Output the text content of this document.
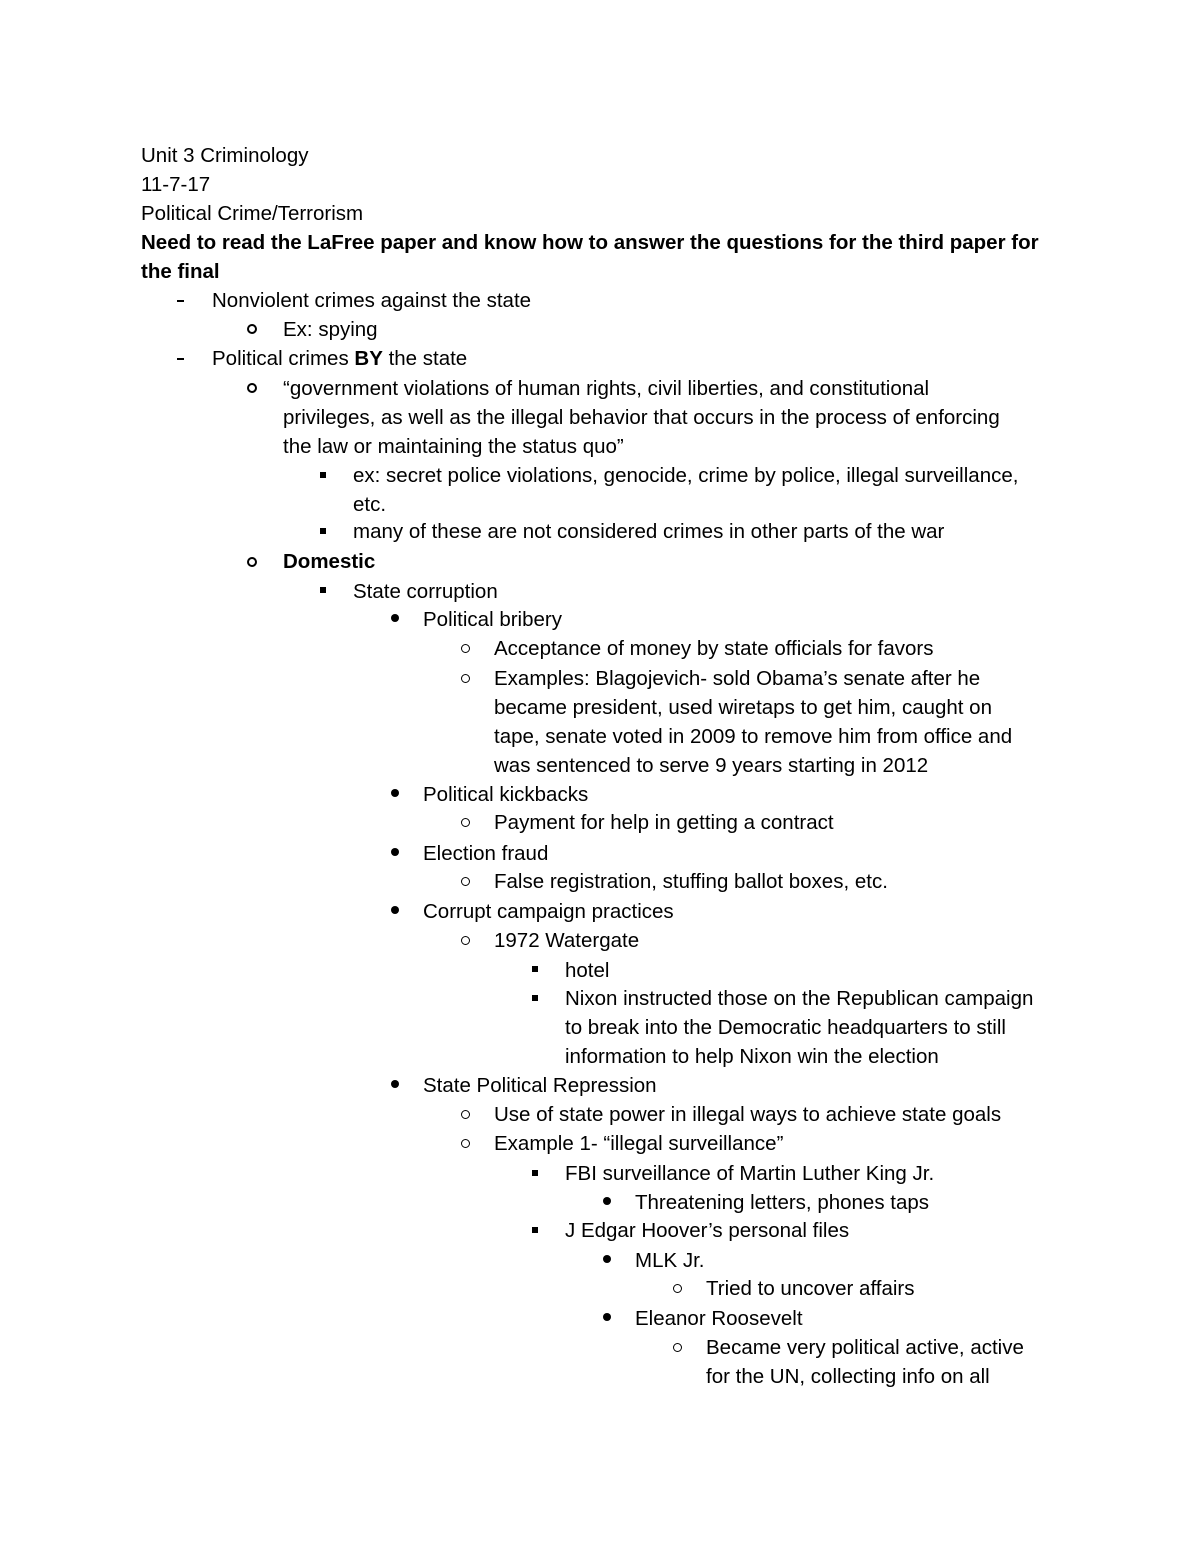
Unit 3 Criminology
11-7-17
Political Crime/Terrorism
Need to read the LaFree paper and know how to answer the questions for the third paper for
the final
Nonviolent crimes against the state
Ex: spying
Political crimes BY the state
“government violations of human rights, civil liberties, and constitutional
privileges, as well as the illegal behavior that occurs in the process of enforcing
the law or maintaining the status quo”
ex: secret police violations, genocide, crime by police, illegal surveillance,
etc.
many of these are not considered crimes in other parts of the war
Domestic
State corruption
Political bribery
Acceptance of money by state officials for favors
Examples: Blagojevich- sold Obama’s senate after he
became president, used wiretaps to get him, caught on
tape, senate voted in 2009 to remove him from office and
was sentenced to serve 9 years starting in 2012
Political kickbacks
Payment for help in getting a contract
Election fraud
False registration, stuffing ballot boxes, etc.
Corrupt campaign practices
1972 Watergate
hotel
Nixon instructed those on the Republican campaign
to break into the Democratic headquarters to still
information to help Nixon win the election
State Political Repression
Use of state power in illegal ways to achieve state goals
Example 1- “illegal surveillance”
FBI surveillance of Martin Luther King Jr.
Threatening letters, phones taps
J Edgar Hoover’s personal files
MLK Jr.
Tried to uncover affairs
Eleanor Roosevelt
Became very political active, active
for the UN, collecting info on all
